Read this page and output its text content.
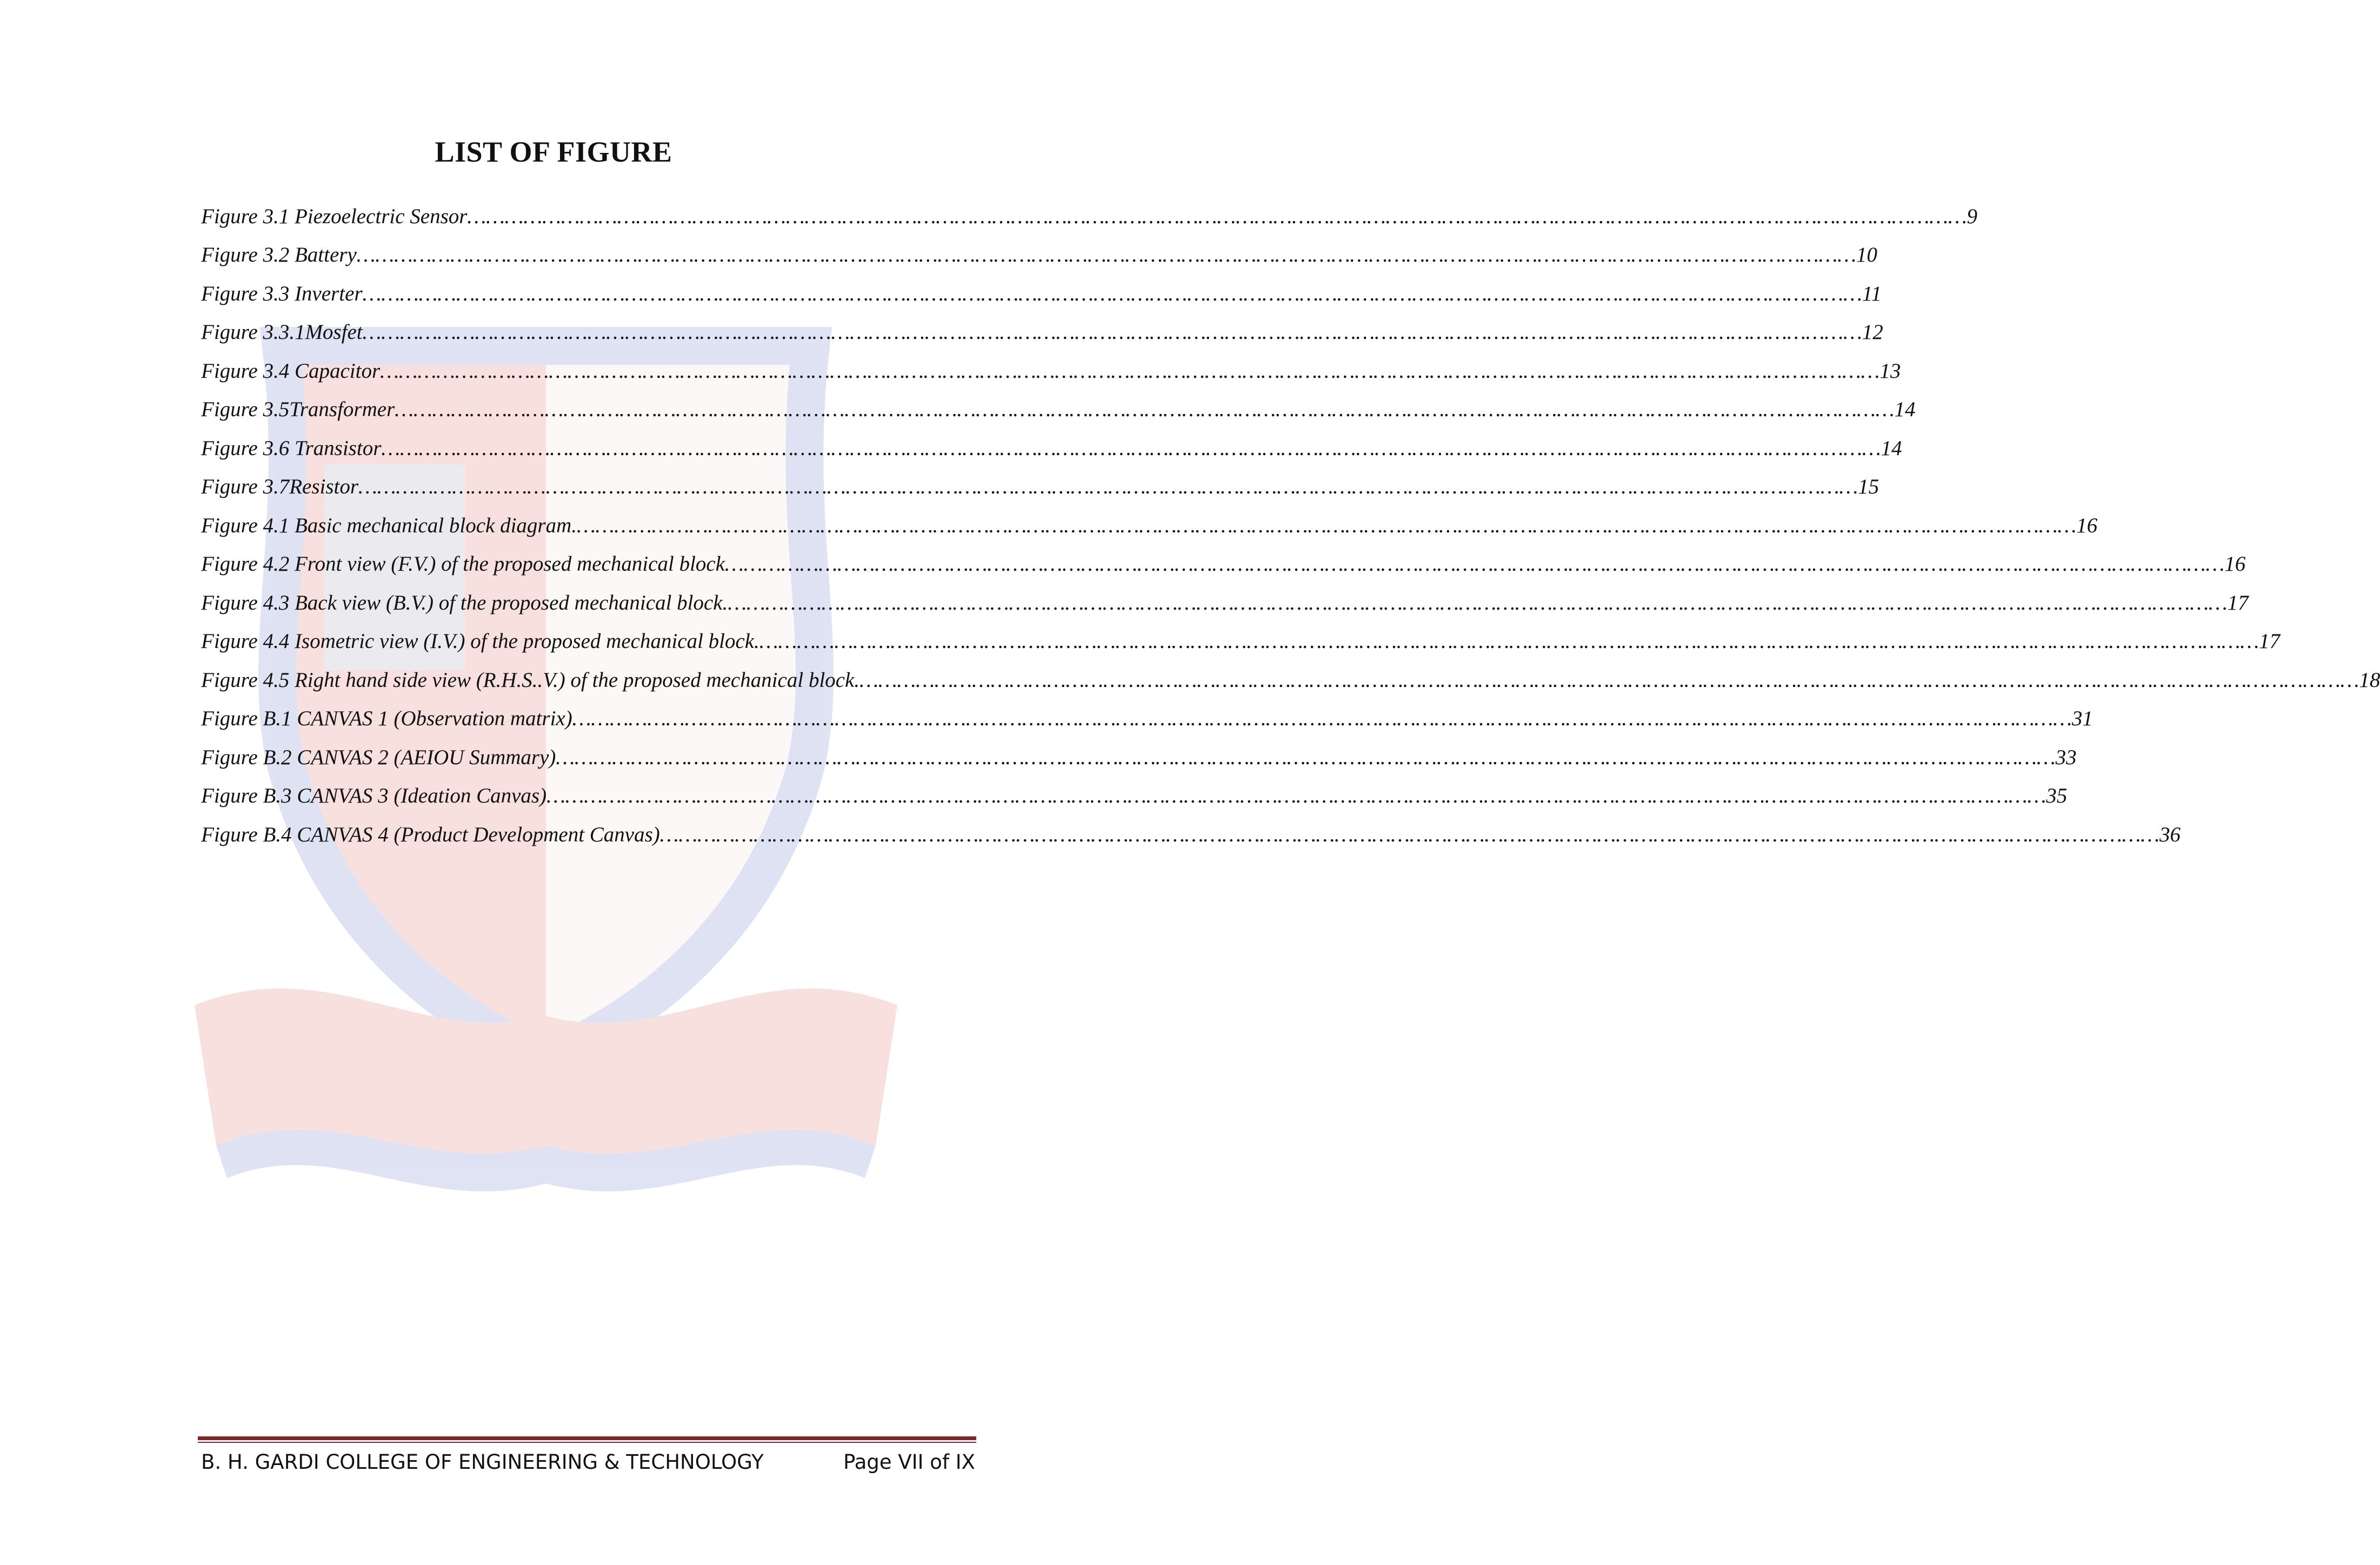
LIST OF FIGURE
Figure 3.1 Piezoelectric Sensor …………………………………………………………………………………………………………………………………………………………………………………………………………………… 9
Figure 3.2 Battery …………………………………………………………………………………………………………………………………………………………………………………………………………………… 10
Figure 3.3 Inverter …………………………………………………………………………………………………………………………………………………………………………………………………………………… 11
Figure 3.3.1Mosfet …………………………………………………………………………………………………………………………………………………………………………………………………………………… 12
Figure 3.4 Capacitor …………………………………………………………………………………………………………………………………………………………………………………………………………………… 13
Figure 3.5Transformer …………………………………………………………………………………………………………………………………………………………………………………………………………………… 14
Figure 3.6 Transistor …………………………………………………………………………………………………………………………………………………………………………………………………………………… 14
Figure 3.7Resistor …………………………………………………………………………………………………………………………………………………………………………………………………………………… 15
Figure 4.1 Basic mechanical block diagram. …………………………………………………………………………………………………………………………………………………………………………………………………………………… 16
Figure 4.2 Front view (F.V.) of the proposed mechanical block …………………………………………………………………………………………………………………………………………………………………………………………………………………… 16
Figure 4.3 Back view (B.V.) of the proposed mechanical block. …………………………………………………………………………………………………………………………………………………………………………………………………………………… 17
Figure 4.4 Isometric view (I.V.) of the proposed mechanical block. …………………………………………………………………………………………………………………………………………………………………………………………………………………… 17
Figure 4.5 Right hand side view (R.H.S..V.) of the proposed mechanical block. …………………………………………………………………………………………………………………………………………………………………………………………………………………… 18
Figure B.1 CANVAS 1 (Observation matrix) …………………………………………………………………………………………………………………………………………………………………………………………………………………… 31
Figure B.2 CANVAS 2 (AEIOU Summary) …………………………………………………………………………………………………………………………………………………………………………………………………………………… 33
Figure B.3 CANVAS 3 (Ideation Canvas) …………………………………………………………………………………………………………………………………………………………………………………………………………………… 35
Figure B.4 CANVAS 4 (Product Development Canvas) …………………………………………………………………………………………………………………………………………………………………………………………………………………… 36
B. H. GARDI COLLEGE OF ENGINEERING & TECHNOLOGY	Page VII of IX
